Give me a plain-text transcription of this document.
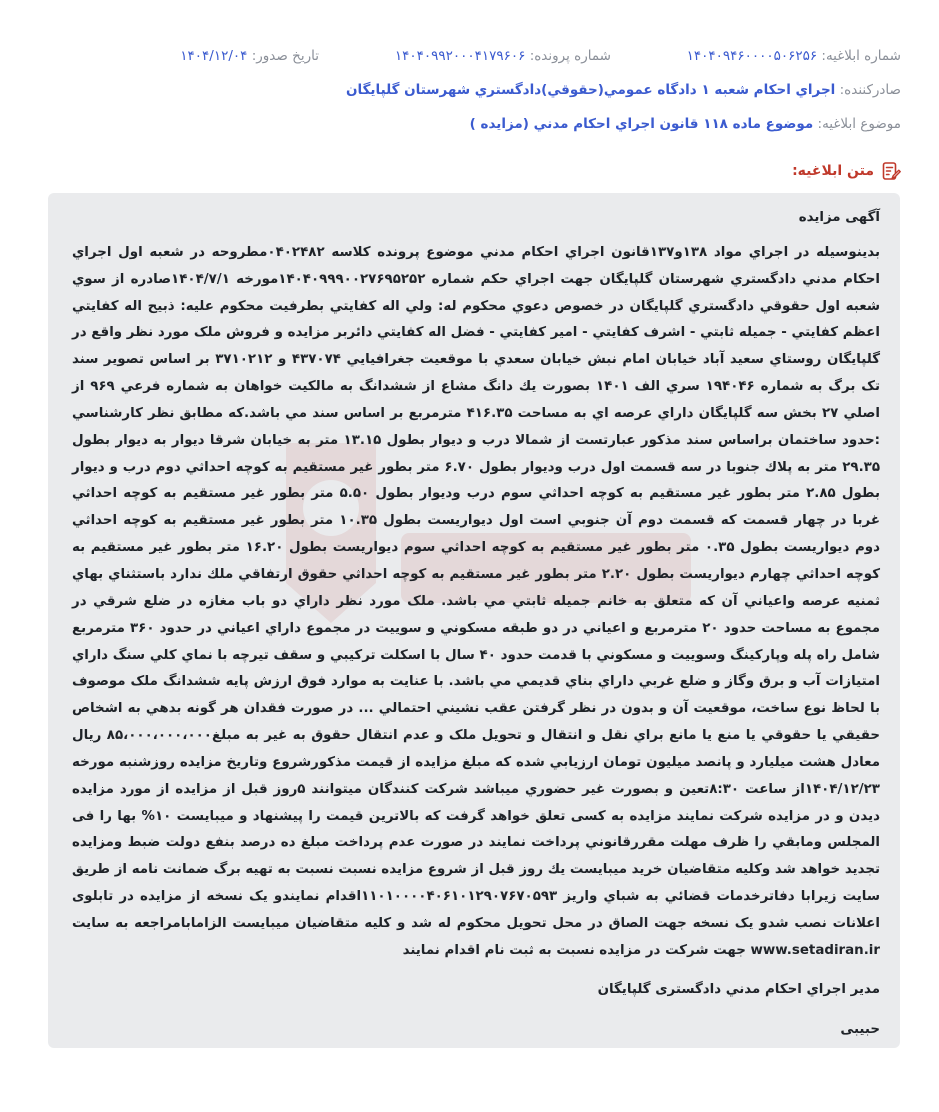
شماره ابلاغيه: ۱۴۰۴۰۹۴۶۰۰۰۰۵۰۶۲۵۶
شماره پرونده: ۱۴۰۴۰۹۹۲۰۰۰۴۱۷۹۶۰۶
تاريخ صدور: ۱۴۰۴/۱۲/۰۴
صادرکننده: اجراي احکام شعبه ۱ دادگاه عمومي(حقوقي)دادگستري شهرستان گلپايگان
موضوع ابلاغيه: موضوع ماده ۱۱۸ قانون اجراي احکام مدني (مزايده )
متن ابلاغيه:

آگهی مزایده

بدينوسيله در اجراي مواد ۱۳۸و۱۳۷قانون اجراي احکام مدني موضوع پرونده کلاسه ۰۴۰۲۴۸۲مطروحه در شعبه اول اجراي احکام مدني دادگستري شهرستان گلپايگان جهت اجراي حکم شماره ۱۴۰۴۰۹۹۹۰۰۲۷۶۹۵۲۵۲مورخه ۱۴۰۴/۷/۱صادره از سوي شعبه اول حقوقي دادگستري گلپايگان در خصوص دعوي محکوم له: ولي اله کفايتي بطرفيت محکوم عليه: ذبيح اله کفايتي اعظم کفايتي - جميله ثابتي - اشرف کفايتي - امير کفايتي - فضل اله کفايتي دائربر مزايده و فروش ملک مورد نظر واقع در گلپايگان روستاي سعيد آباد خيابان امام نبش خيابان سعدي با موقعيت جغرافيايي ۴۳۷۰۷۴ و ۳۷۱۰۲۱۲ بر اساس تصوير سند تک برگ به شماره ۱۹۴۰۴۶ سري الف ۱۴۰۱ بصورت يك دانگ مشاع از ششدانگ به مالکيت خواهان به شماره فرعي ۹۶۹ از اصلي ۲۷ بخش سه گلپايگان داراي عرصه اي به مساحت ۴۱۶.۳۵ مترمربع بر اساس سند مي باشد.که مطابق نظر کارشناسي :حدود ساختمان براساس سند مذکور عبارتست از شمالا درب و ديوار بطول ۱۳.۱۵ متر به خيابان شرقا ديوار به ديوار بطول ۲۹.۳۵ متر به پلاك جنوبا در سه قسمت اول درب وديوار بطول ۶.۷۰ متر بطور غير مستقيم به كوچه احداثي دوم درب و ديوار بطول ۲.۸۵ متر بطور غير مستقيم به كوچه احداثي سوم درب وديوار بطول ۵.۵۰ متر بطور غير مستقيم به كوچه احداثي غربا در چهار قسمت که قسمت دوم آن جنوبي است اول ديواريست بطول ۱۰.۳۵ متر بطور غير مستقيم به كوچه احداثي دوم ديواريست بطول ۰.۳۵ متر بطور غير مستقيم به کوچه احداثي سوم ديواريست بطول ۱۶.۲۰ متر بطور غير مستقيم به كوچه احداثي چهارم ديواريست بطول ۲.۲۰ متر بطور غير مستقيم به کوچه احداثي حقوق ارتفاقي ملك ندارد باستثناي بهاي ثمنيه عرصه واعياني آن که متعلق به خانم جميله ثابتي مي باشد. ملک مورد نظر داراي دو باب مغازه در ضلع شرقي در مجموع به مساحت حدود ۲۰ مترمربع و اعياني در دو طبقه مسکوني و سوييت در مجموع داراي اعياني در حدود ۳۶۰ مترمربع شامل راه پله وپارکينگ وسوييت و مسکوني با قدمت حدود ۴۰ سال با اسکلت ترکيبي و سقف تيرچه با نماي کلي سنگ داراي امتيازات آب و برق وگاز و ضلع غربي داراي بناي قديمي مي باشد. با عنايت به موارد فوق ارزش پايه ششدانگ ملک موصوف با لحاظ نوع ساخت، موقعيت آن و بدون در نظر گرفتن عقب نشيني احتمالي ... در صورت فقدان هر گونه بدهي به اشخاص حقيقي يا حقوقي يا منع يا مانع براي نقل و انتقال و تحويل ملک و عدم انتقال حقوق به غير به مبلغ۸۵،۰۰۰،۰۰۰،۰۰۰ ريال معادل هشت ميليارد و پانصد ميليون تومان ارزيابي شده که مبلغ مزايده از قيمت مذکورشروع وتاريخ مزايده روزشنبه مورخه ۱۴۰۴/۱۲/۲۳از ساعت ۸:۳۰تعين و بصورت غير حضوري ميباشد شرکت کنندگان ميتوانند ۵روز قبل از مزايده از مورد مزايده ديدن و در مزايده شركت نمايند مزايده به کسی تعلق خواهد گرفت كه بالاترين قيمت را پيشنهاد و ميبايست ۱۰% بها را فی المجلس ومابقي را ظرف مهلت مقررقانوني پرداخت نمايند در صورت عدم پرداخت مبلغ ده درصد بنفع دولت ضبط ومزايده تجديد خواهد شد وكليه متقاضيان خريد ميبايست يك روز قبل از شروع مزايده نسبت نسبت به تهيه برگ ضمانت نامه از طريق سايت زيرابا دفاترخدمات قضائي به شباي واريز ۱۱۰۱۰۰۰۰۴۰۶۱۰۱۲۹۰۷۶۷۰۵۹۳اقدام نمايندو يک نسخه از مزايده در تابلوی اعلانات نصب شدو يک نسخه جهت الصاق در محل تحويل محکوم له شد و کليه متقاضيان ميبايست الزامابامراجعه به سايت www.setadiran.ir جهت شرکت در مزايده نسبت به ثبت نام اقدام نمايند

مدير اجراي احکام مدني دادگستری گلپايگان

حبيبی
